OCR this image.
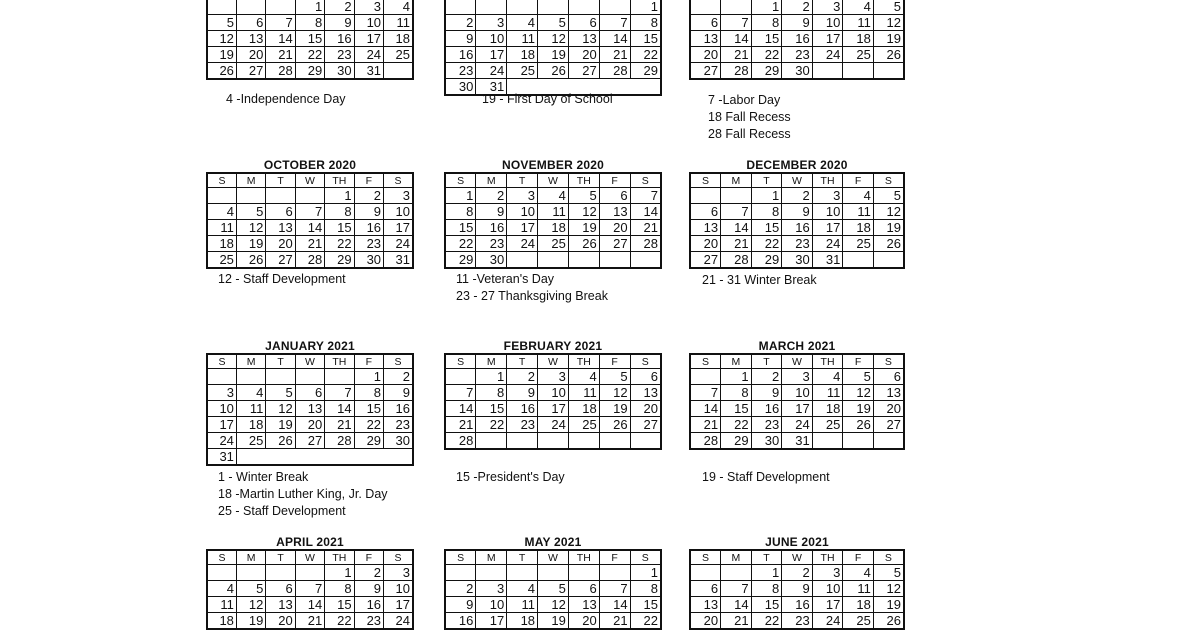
			1	2	3	4
5	6	7	8	9	10	11
12	13	14	15	16	17	18
19	20	21	22	23	24	25
26	27	28	29	30	31	
4 -Independence Day

						1
2	3	4	5	6	7	8
9	10	11	12	13	14	15
16	17	18	19	20	21	22
23	24	25	26	27	28	29
30	31					
19 - First Day of School

		1	2	3	4	5
6	7	8	9	10	11	12
13	14	15	16	17	18	19
20	21	22	23	24	25	26
27	28	29	30			
7 -Labor Day
18 Fall Recess
28 Fall Recess
OCTOBER 2020
S	M	T	W	TH	F	S
				1	2	3
4	5	6	7	8	9	10
11	12	13	14	15	16	17
18	19	20	21	22	23	24
25	26	27	28	29	30	31
12 - Staff Development
NOVEMBER 2020
S	M	T	W	TH	F	S
1	2	3	4	5	6	7
8	9	10	11	12	13	14
15	16	17	18	19	20	21
22	23	24	25	26	27	28
29	30					
11 -Veteran's Day
23 - 27 Thanksgiving Break
DECEMBER 2020
S	M	T	W	TH	F	S
		1	2	3	4	5
6	7	8	9	10	11	12
13	14	15	16	17	18	19
20	21	22	23	24	25	26
27	28	29	30	31		
21 - 31 Winter Break
JANUARY 2021
S	M	T	W	TH	F	S
					1	2
3	4	5	6	7	8	9
10	11	12	13	14	15	16
17	18	19	20	21	22	23
24	25	26	27	28	29	30
31						
1 - Winter Break
18 -Martin Luther King, Jr. Day
25 - Staff Development
FEBRUARY 2021
S	M	T	W	TH	F	S
	1	2	3	4	5	6
7	8	9	10	11	12	13
14	15	16	17	18	19	20
21	22	23	24	25	26	27
28						
15 -President's Day
MARCH 2021
S	M	T	W	TH	F	S
	1	2	3	4	5	6
7	8	9	10	11	12	13
14	15	16	17	18	19	20
21	22	23	24	25	26	27
28	29	30	31			
19 - Staff Development
APRIL 2021
S	M	T	W	TH	F	S
				1	2	3
4	5	6	7	8	9	10
11	12	13	14	15	16	17
18	19	20	21	22	23	24
MAY 2021
S	M	T	W	TH	F	S
						1
2	3	4	5	6	7	8
9	10	11	12	13	14	15
16	17	18	19	20	21	22
JUNE 2021
S	M	T	W	TH	F	S
		1	2	3	4	5
6	7	8	9	10	11	12
13	14	15	16	17	18	19
20	21	22	23	24	25	26
